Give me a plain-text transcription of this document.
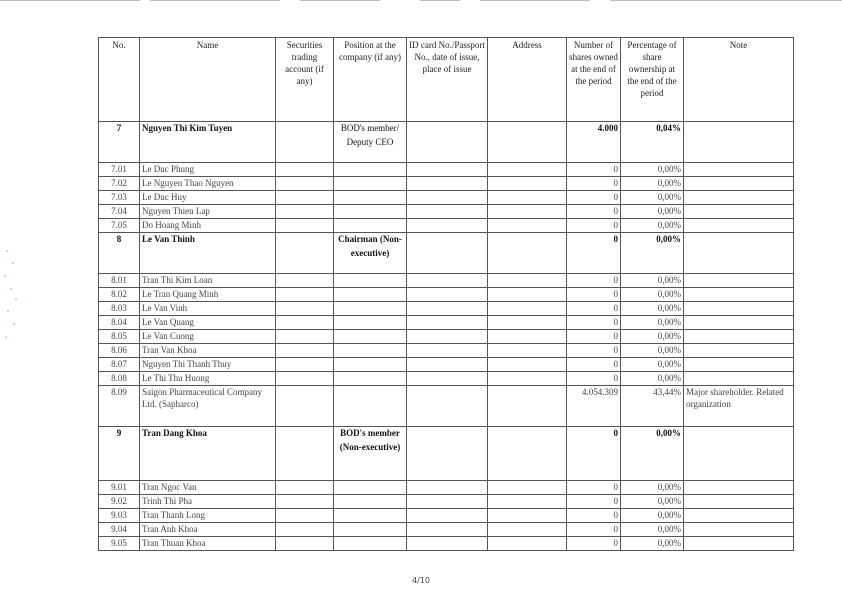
No.	Name	Securities trading account (if any)	Position at the company (if any)	ID card No./Passport No., date of issue, place of issue	Address	Number of shares owned at the end of the period	Percentage of share ownership at the end of the period	Note
7	Nguyen Thi Kim Tuyen		BOD's member/ Deputy CEO			4.000	0,04%	
7.01	Le Duc Phung					0	0,00%	
7.02	Le Nguyen Thao Nguyen					0	0,00%	
7.03	Le Duc Huy					0	0,00%	
7.04	Nguyen Thien Lap					0	0,00%	
7.05	Do Hoang Minh					0	0,00%	
8	Le Van Thinh		Chairman (Non-executive)			0	0,00%	
8.01	Tran Thi Kim Loan					0	0,00%	
8.02	Le Tran Quang Minh					0	0,00%	
8.03	Le Van Vinh					0	0,00%	
8.04	Le Van Quang					0	0,00%	
8.05	Le Van Cuong					0	0,00%	
8.06	Tran Van Khoa					0	0,00%	
8.07	Nguyen Thi Thanh Thuy					0	0,00%	
8.08	Le Thi Thu Huong					0	0,00%	
8.09	Saigon Pharmaceutical Company Ltd. (Sapharco)					4.054.309	43,44%	Major shareholder. Related organization
9	Tran Dang Khoa		BOD's member (Non-executive)			0	0,00%	
9.01	Tran Ngoc Van					0	0,00%	
9.02	Trinh Thi Pha					0	0,00%	
9.03	Tran Thanh Long					0	0,00%	
9.04	Tran Anh Khoa					0	0,00%	
9.05	Tran Thuan Khoa					0	0,00%	
4/10
